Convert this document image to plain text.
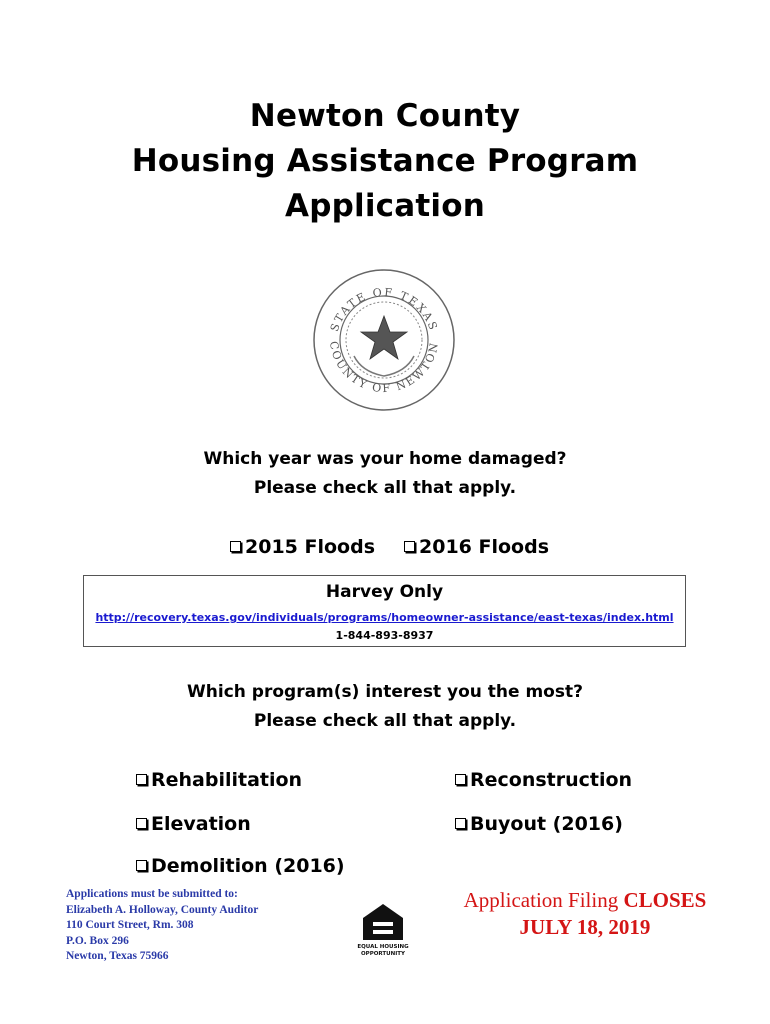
Newton County
Housing Assistance Program
Application
STATE OF TEXAS
COUNTY OF NEWTON
Which year was your home damaged?
Please check all that apply.
2015 Floods	2016 Floods
Harvey Only
http://recovery.texas.gov/individuals/programs/homeowner-assistance/east-texas/index.html
1-844-893-8937
Which program(s) interest you the most?
Please check all that apply.
Rehabilitation	Reconstruction
Elevation	Buyout (2016)
Demolition (2016)
Applications must be submitted to:
Elizabeth A. Holloway, County Auditor
110 Court Street, Rm. 308
P.O. Box 296
Newton, Texas 75966
EQUAL HOUSING
OPPORTUNITY
Application Filing CLOSES
JULY 18, 2019
